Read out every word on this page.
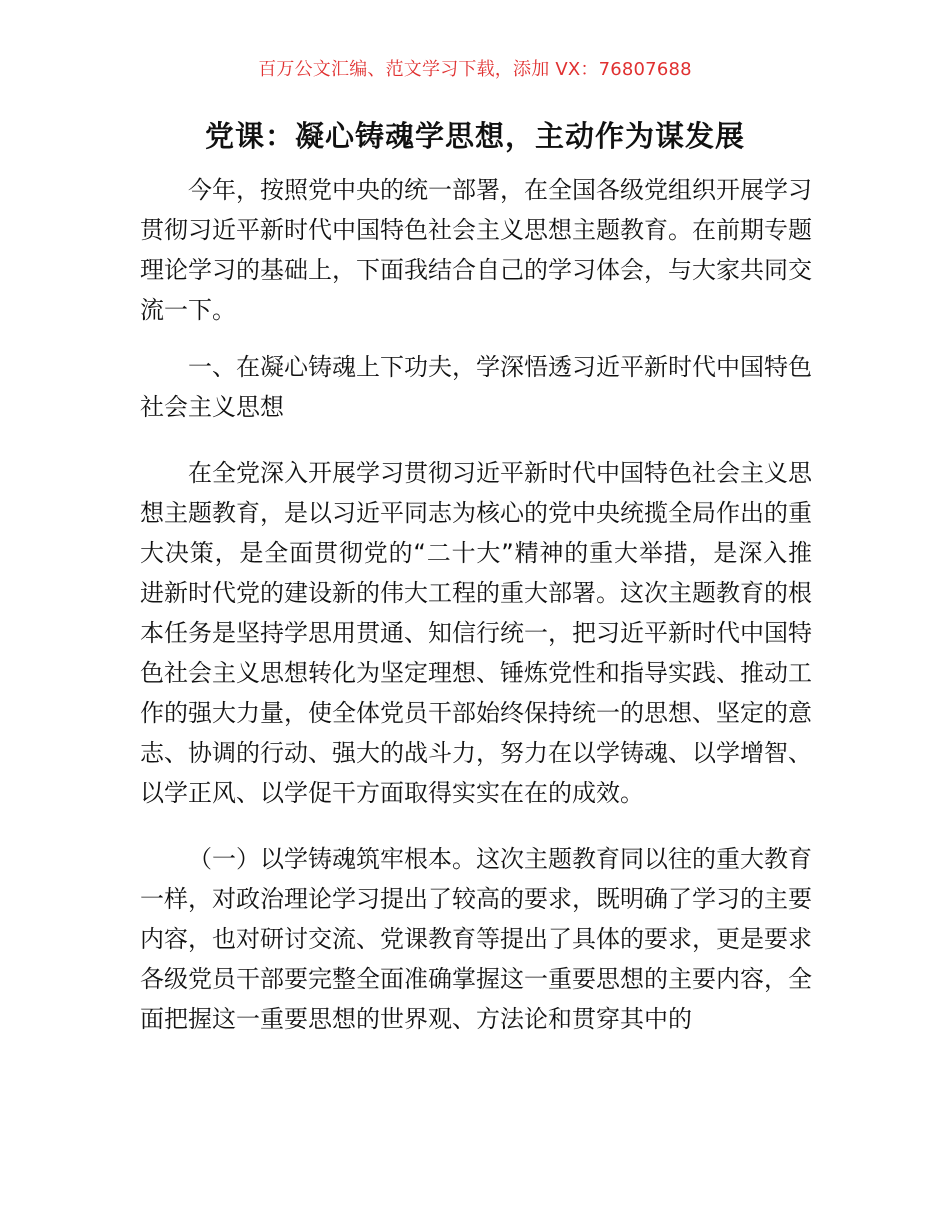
百万公文汇编、范文学习下载，添加 VX：76807688
党课：凝心铸魂学思想，主动作为谋发展

今年，按照党中央的统一部署，在全国各级党组织开展学习贯彻习近平新时代中国特色社会主义思想主题教育。在前期专题理论学习的基础上，下面我结合自己的学习体会，与大家共同交流一下。

一、在凝心铸魂上下功夫，学深悟透习近平新时代中国特色社会主义思想

在全党深入开展学习贯彻习近平新时代中国特色社会主义思想主题教育，是以习近平同志为核心的党中央统揽全局作出的重大决策，是全面贯彻党的“二十大”精神的重大举措，是深入推进新时代党的建设新的伟大工程的重大部署。这次主题教育的根本任务是坚持学思用贯通、知信行统一，把习近平新时代中国特色社会主义思想转化为坚定理想、锤炼党性和指导实践、推动工作的强大力量，使全体党员干部始终保持统一的思想、坚定的意志、协调的行动、强大的战斗力，努力在以学铸魂、以学增智、以学正风、以学促干方面取得实实在在的成效。

（一）以学铸魂筑牢根本。这次主题教育同以往的重大教育一样，对政治理论学习提出了较高的要求，既明确了学习的主要内容，也对研讨交流、党课教育等提出了具体的要求，更是要求各级党员干部要完整全面准确掌握这一重要思想的主要内容，全面把握这一重要思想的世界观、方法论和贯穿其中的
